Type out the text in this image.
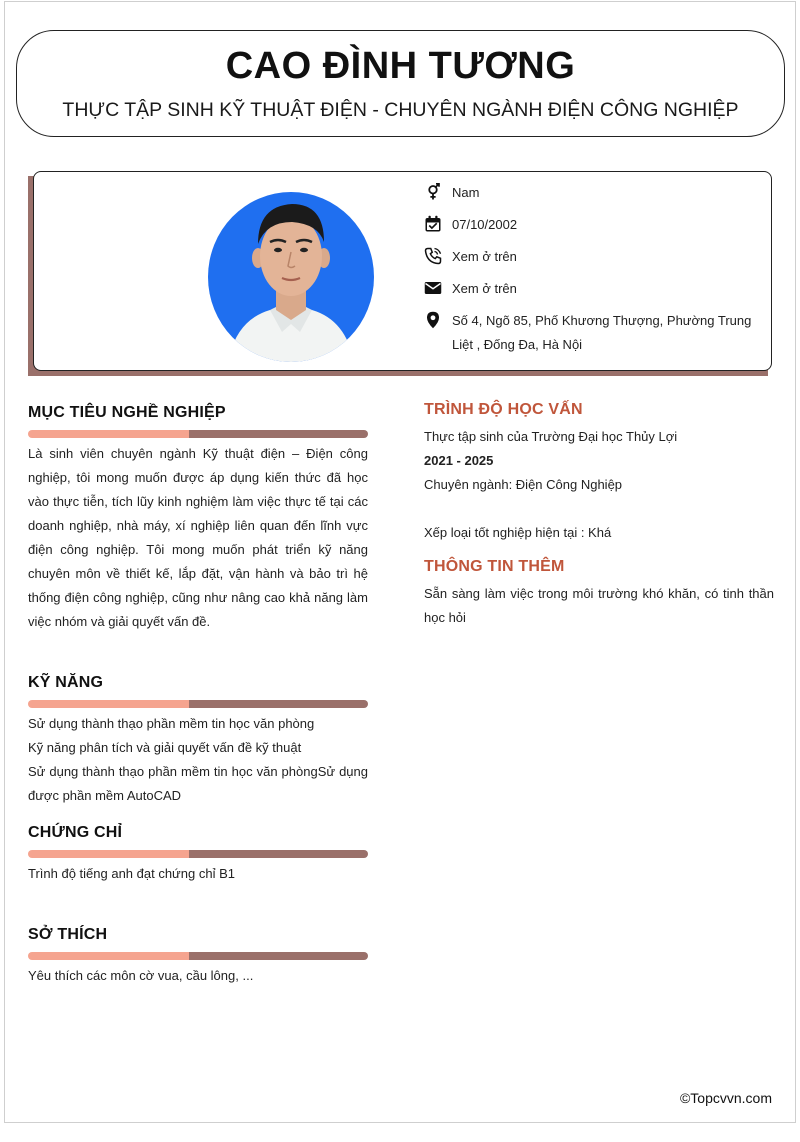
CAO ĐÌNH TƯƠNG
THỰC TẬP SINH KỸ THUẬT ĐIỆN - CHUYÊN NGÀNH ĐIỆN CÔNG NGHIỆP
Nam
07/10/2002
Xem ở trên
Xem ở trên
Số 4, Ngõ 85, Phố Khương Thượng, Phường Trung Liệt , Đống Đa, Hà Nội
MỤC TIÊU NGHỀ NGHIỆP
Là sinh viên chuyên ngành Kỹ thuật điện – Điện công nghiệp, tôi mong muốn được áp dụng kiến thức đã học vào thực tiễn, tích lũy kinh nghiệm làm việc thực tế tại các doanh nghiệp, nhà máy, xí nghiệp liên quan đến lĩnh vực điện công nghiệp. Tôi mong muốn phát triển kỹ năng chuyên môn về thiết kế, lắp đặt, vận hành và bảo trì hệ thống điện công nghiệp, cũng như nâng cao khả năng làm việc nhóm và giải quyết vấn đề.
KỸ NĂNG
Sử dụng thành thạo phần mềm tin học văn phòng
Kỹ năng phân tích và giải quyết vấn đề kỹ thuật
Sử dụng thành thạo phần mềm tin học văn phòngSử dụng được phần mềm AutoCAD
CHỨNG CHỈ
Trình độ tiếng anh đạt chứng chỉ B1
SỞ THÍCH
Yêu thích các môn cờ vua, cầu lông, ...
TRÌNH ĐỘ HỌC VẤN
Thực tập sinh của Trường Đại học Thủy Lợi
2021 - 2025
Chuyên ngành: Điện Công Nghiệp
Xếp loại tốt nghiệp hiện tại : Khá
THÔNG TIN THÊM
Sẵn sàng làm việc trong môi trường khó khăn, có tinh thần học hỏi
©Topcvvn.com
